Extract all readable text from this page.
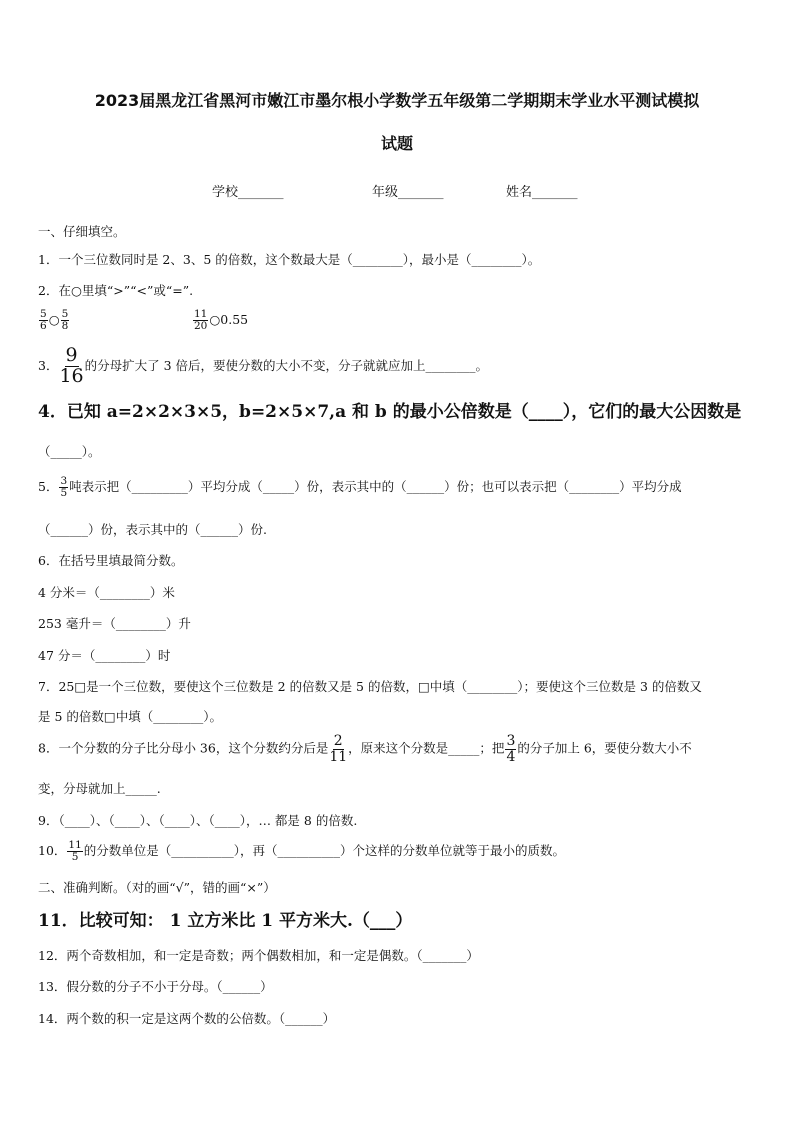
2023届黑龙江省黑河市嫩江市墨尔根小学数学五年级第二学期期末学业水平测试模拟
试题
学校_______	年级_______	姓名_______
一、仔细填空。
1．一个三位数同时是 2、3、5 的倍数，这个数最大是（________），最小是（________）。
2．在○里填“>”“<”或“=”.
$\frac{5}{6}$ ○ $\frac{5}{8}$	$\frac{11}{20}$ ○0.55
3． $\frac{9}{16}$ 的分母扩大了 3 倍后，要使分数的大小不变，分子就就应加上________。
4．已知 a=2×2×3×5，b=2×5×7,a 和 b 的最小公倍数是（____），它们的最大公因数是
（_____）。
5． $\frac{3}{5}$ 吨表示把（_________）平均分成（_____）份，表示其中的（______）份；也可以表示把（________）平均分成
（______）份，表示其中的（______）份.
6．在括号里填最简分数。
4 分米＝（________）米
253 毫升＝（________）升
47 分＝（________）时
7．25□是一个三位数，要使这个三位数是 2 的倍数又是 5 的倍数，□中填（________）；要使这个三位数是 3 的倍数又
是 5 的倍数□中填（________）。
8．一个分数的分子比分母小 36，这个分数约分后是 $\frac{2}{11}$ ，原来这个分数是_____；把 $\frac{3}{4}$ 的分子加上 6，要使分数大小不
变，分母就加上_____.
9．（____）、（____）、（____）、（____），… 都是 8 的倍数.
10． $\frac{11}{5}$ 的分数单位是（__________），再（__________）个这样的分数单位就等于最小的质数。
二、准确判断。（对的画“√”，错的画“×”）
11．比较可知： 1 立方米比 1 平方米大.（___）
12．两个奇数相加，和一定是奇数；两个偶数相加，和一定是偶数。（_______）
13．假分数的分子不小于分母。（______）
14．两个数的积一定是这两个数的公倍数。（______）
